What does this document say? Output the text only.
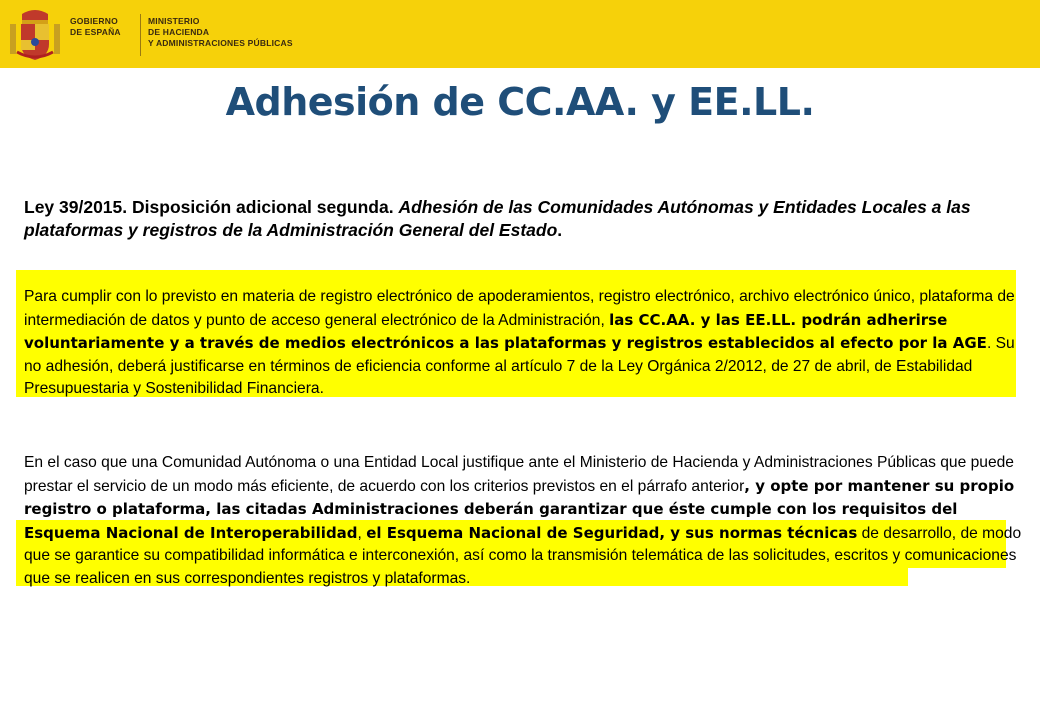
GOBIERNO
DE ESPAÑA
MINISTERIO
DE HACIENDA
Y ADMINISTRACIONES PÚBLICAS
Adhesión de CC.AA. y EE.LL.
Ley 39/2015. Disposición adicional segunda. Adhesión de las Comunidades Autónomas y Entidades Locales a las plataformas y registros de la Administración General del Estado.
Para cumplir con lo previsto en materia de registro electrónico de apoderamientos, registro electrónico, archivo electrónico único, plataforma de intermediación de datos y punto de acceso general electrónico de la Administración, las CC.AA. y las EE.LL. podrán adherirse voluntariamente y a través de medios electrónicos a las plataformas y registros establecidos al efecto por la AGE. Su no adhesión, deberá justificarse en términos de eficiencia conforme al artículo 7 de la Ley Orgánica 2/2012, de 27 de abril, de Estabilidad Presupuestaria y Sostenibilidad Financiera.
En el caso que una Comunidad Autónoma o una Entidad Local justifique ante el Ministerio de Hacienda y Administraciones Públicas que puede prestar el servicio de un modo más eficiente, de acuerdo con los criterios previstos en el párrafo anterior, y opte por mantener su propio registro o plataforma, las citadas Administraciones deberán garantizar que éste cumple con los requisitos del Esquema Nacional de Interoperabilidad, el Esquema Nacional de Seguridad, y sus normas técnicas de desarrollo, de modo que se garantice su compatibilidad informática e interconexión, así como la transmisión telemática de las solicitudes, escritos y comunicaciones que se realicen en sus correspondientes registros y plataformas.
